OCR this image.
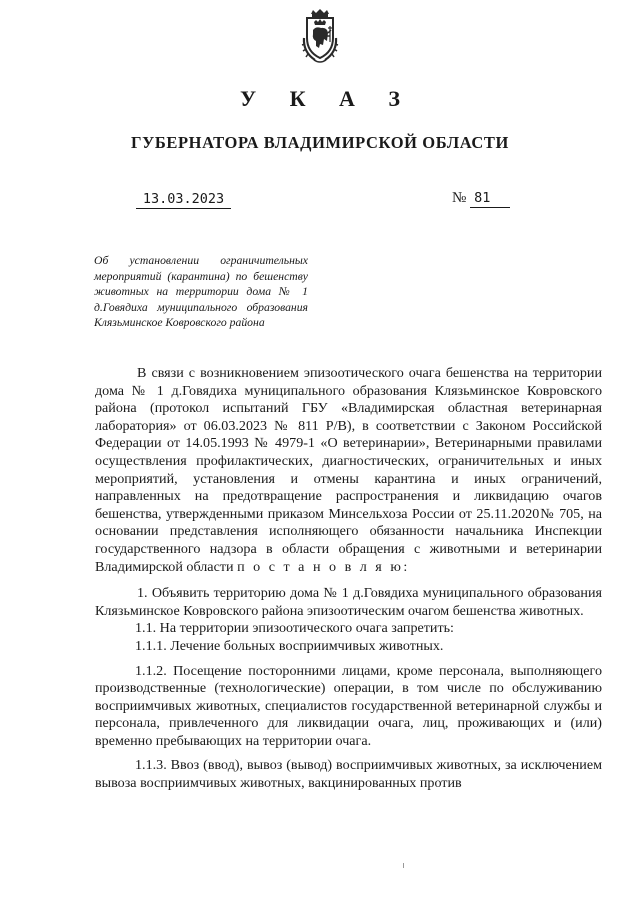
У К А З
ГУБЕРНАТОРА ВЛАДИМИРСКОЙ ОБЛАСТИ
13.03.2023	№ 81
Об установлении ограничительных мероприятий (карантина) по бешенству животных на территории дома № 1 д.Говядиха муниципального образования Клязьминское Ковровского района

В связи с возникновением эпизоотического очага бешенства на территории дома № 1 д.Говядиха муниципального образования Клязьминское Ковровского района (протокол испытаний ГБУ «Владимирская областная ветеринарная лаборатория» от 06.03.2023 № 811 Р/В), в соответствии с Законом Российской Федерации от 14.05.1993 № 4979-1 «О ветеринарии», Ветеринарными правилами осуществления профилактических, диагностических, ограничительных и иных мероприятий, установления и отмены карантина и иных ограничений, направленных на предотвращение распространения и ликвидацию очагов бешенства, утвержденными приказом Минсельхоза России от 25.11.2020№ 705, на основании представления исполняющего обязанности начальника Инспекции государственного надзора в области обращения с животными и ветеринарии Владимирской области п о с т а н о в л я ю:

1. Объявить территорию дома № 1 д.Говядиха муниципального образования Клязьминское Ковровского района эпизоотическим очагом бешенства животных.

1.1. На территории эпизоотического очага запретить:

1.1.1. Лечение больных восприимчивых животных.

1.1.2. Посещение посторонними лицами, кроме персонала, выполняющего производственные (технологические) операции, в том числе по обслуживанию восприимчивых животных, специалистов государственной ветеринарной службы и персонала, привлеченного для ликвидации очага, лиц, проживающих и (или) временно пребывающих на территории очага.

1.1.3. Ввоз (ввод), вывоз (вывод) восприимчивых животных, за исключением вывоза восприимчивых животных, вакцинированных против
